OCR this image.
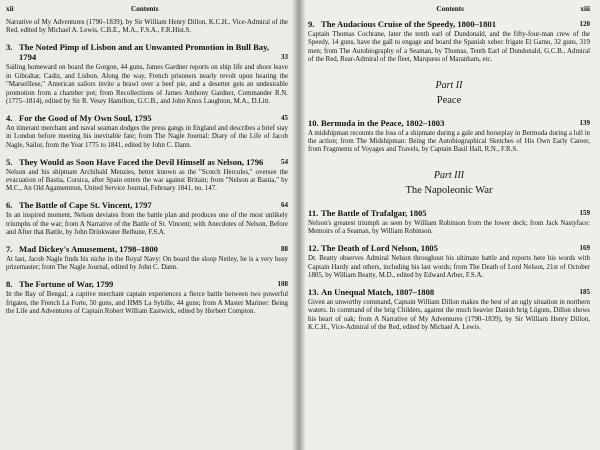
xii	Contents
Narrative of My Adventures (1790–1839), by Sir William Henry Dillon, K.C.H., Vice-Admiral of the Red, edited by Michael A. Lewis, C.B.E., M.A., F.S.A., F.R.Hist.S.
3. The Noted Pimp of Lisbon and an Unwanted Promotion in Bull Bay, 1794	33
Sailing homeward on board the Gorgon, 44 guns, James Gardner reports on ship life and shore leave in Gibraltar, Cadiz, and Lisbon. Along the way, French prisoners nearly revolt upon hearing the "Marseillese," American sailors invite a brawl over a beef pie, and a deserter gets an undesirable promotion from a chamber pot; from Recollections of James Anthony Gardner, Commander R.N. (1775–1814), edited by Sir R. Vesey Hamilton, G.C.B., and John Knox Laughton, M.A., D.Litt.
4. For the Good of My Own Soul, 1795	45
An itinerant merchant and naval seaman dodges the press gangs in England and describes a brief stay in London before meeting his inevitable fate; from The Nagle Journal: Diary of the Life of Jacob Nagle, Sailor, from the Year 1775 to 1841, edited by John C. Dann.
5. They Would as Soon Have Faced the Devil Himself as Nelson, 1796	54
Nelson and his shipmate Archibald Menzies, better known as the "Scotch Hercules," oversee the evacuation of Bastia, Corsica, after Spain enters the war against Britain; from "Nelson at Bastia," by M.C., An Old Agamemnon, United Service Journal, February 1841, no. 147.
6. The Battle of Cape St. Vincent, 1797	64
In an inspired moment, Nelson deviates from the battle plan and produces one of the most unlikely triumphs of the war; from A Narrative of the Battle of St. Vincent; with Anecdotes of Nelson, Before and After that Battle, by John Drinkwater Bethune, F.S.A.
7. Mad Dickey's Amusement, 1798–1800	88
At last, Jacob Nagle finds his niche in the Royal Navy: On board the sloop Netley, he is a very busy prizemaster; from The Nagle Journal, edited by John C. Dann.
8. The Fortune of War, 1799	108
In the Bay of Bengal, a captive merchant captain experiences a fierce battle between two powerful frigates, the French La Forte, 50 guns, and HMS La Sybille, 44 guns; from A Master Mariner: Being the Life and Adventures of Captain Robert William Eastwick, edited by Herbert Compton.
Contents	xiii
9. The Audacious Cruise of the Speedy, 1800–1801	120
Captain Thomas Cochrane, later the tenth earl of Dundonald, and the fifty-four-man crew of the Speedy, 14 guns, have the gall to engage and board the Spanish xebec frigate El Gamo, 32 guns, 319 men; from The Autobiography of a Seaman, by Thomas, Tenth Earl of Dundonald, G.C.B., Admiral of the Red, Rear-Admiral of the fleet, Marquess of Maranham, etc.
Part II
Peace
10. Bermuda in the Peace, 1802–1803	139
A midshipman recounts the loss of a shipmate during a gale and horseplay in Bermuda during a lull in the action; from The Midshipman: Being the Autobiographical Sketches of His Own Early Career, from Fragments of Voyages and Travels, by Captain Basil Hall, R.N., F.R.S.
Part III
The Napoleonic War
11. The Battle of Trafalgar, 1805	159
Nelson's greatest triumph as seen by William Robinson from the lower deck; from Jack Nastyface: Memoirs of a Seaman, by William Robinson.
12. The Death of Lord Nelson, 1805	169
Dr. Beatty observes Admiral Nelson throughout his ultimate battle and reports here his words with Captain Hardy and others, including his last words; from The Death of Lord Nelson, 21st of October 1805, by William Beatty, M.D., edited by Edward Arber, F.S.A.
13. An Unequal Match, 1807–1808	185
Given an unworthy command, Captain William Dillon makes the best of an ugly situation in northern waters. In command of the brig Childers, against the much heavier Danish brig Lügum, Dillon shows his heart of oak; from A Narrative of My Adventures (1790–1839), by Sir William Henry Dillon, K.C.H., Vice-Admiral of the Red, edited by Michael A. Lewis.
